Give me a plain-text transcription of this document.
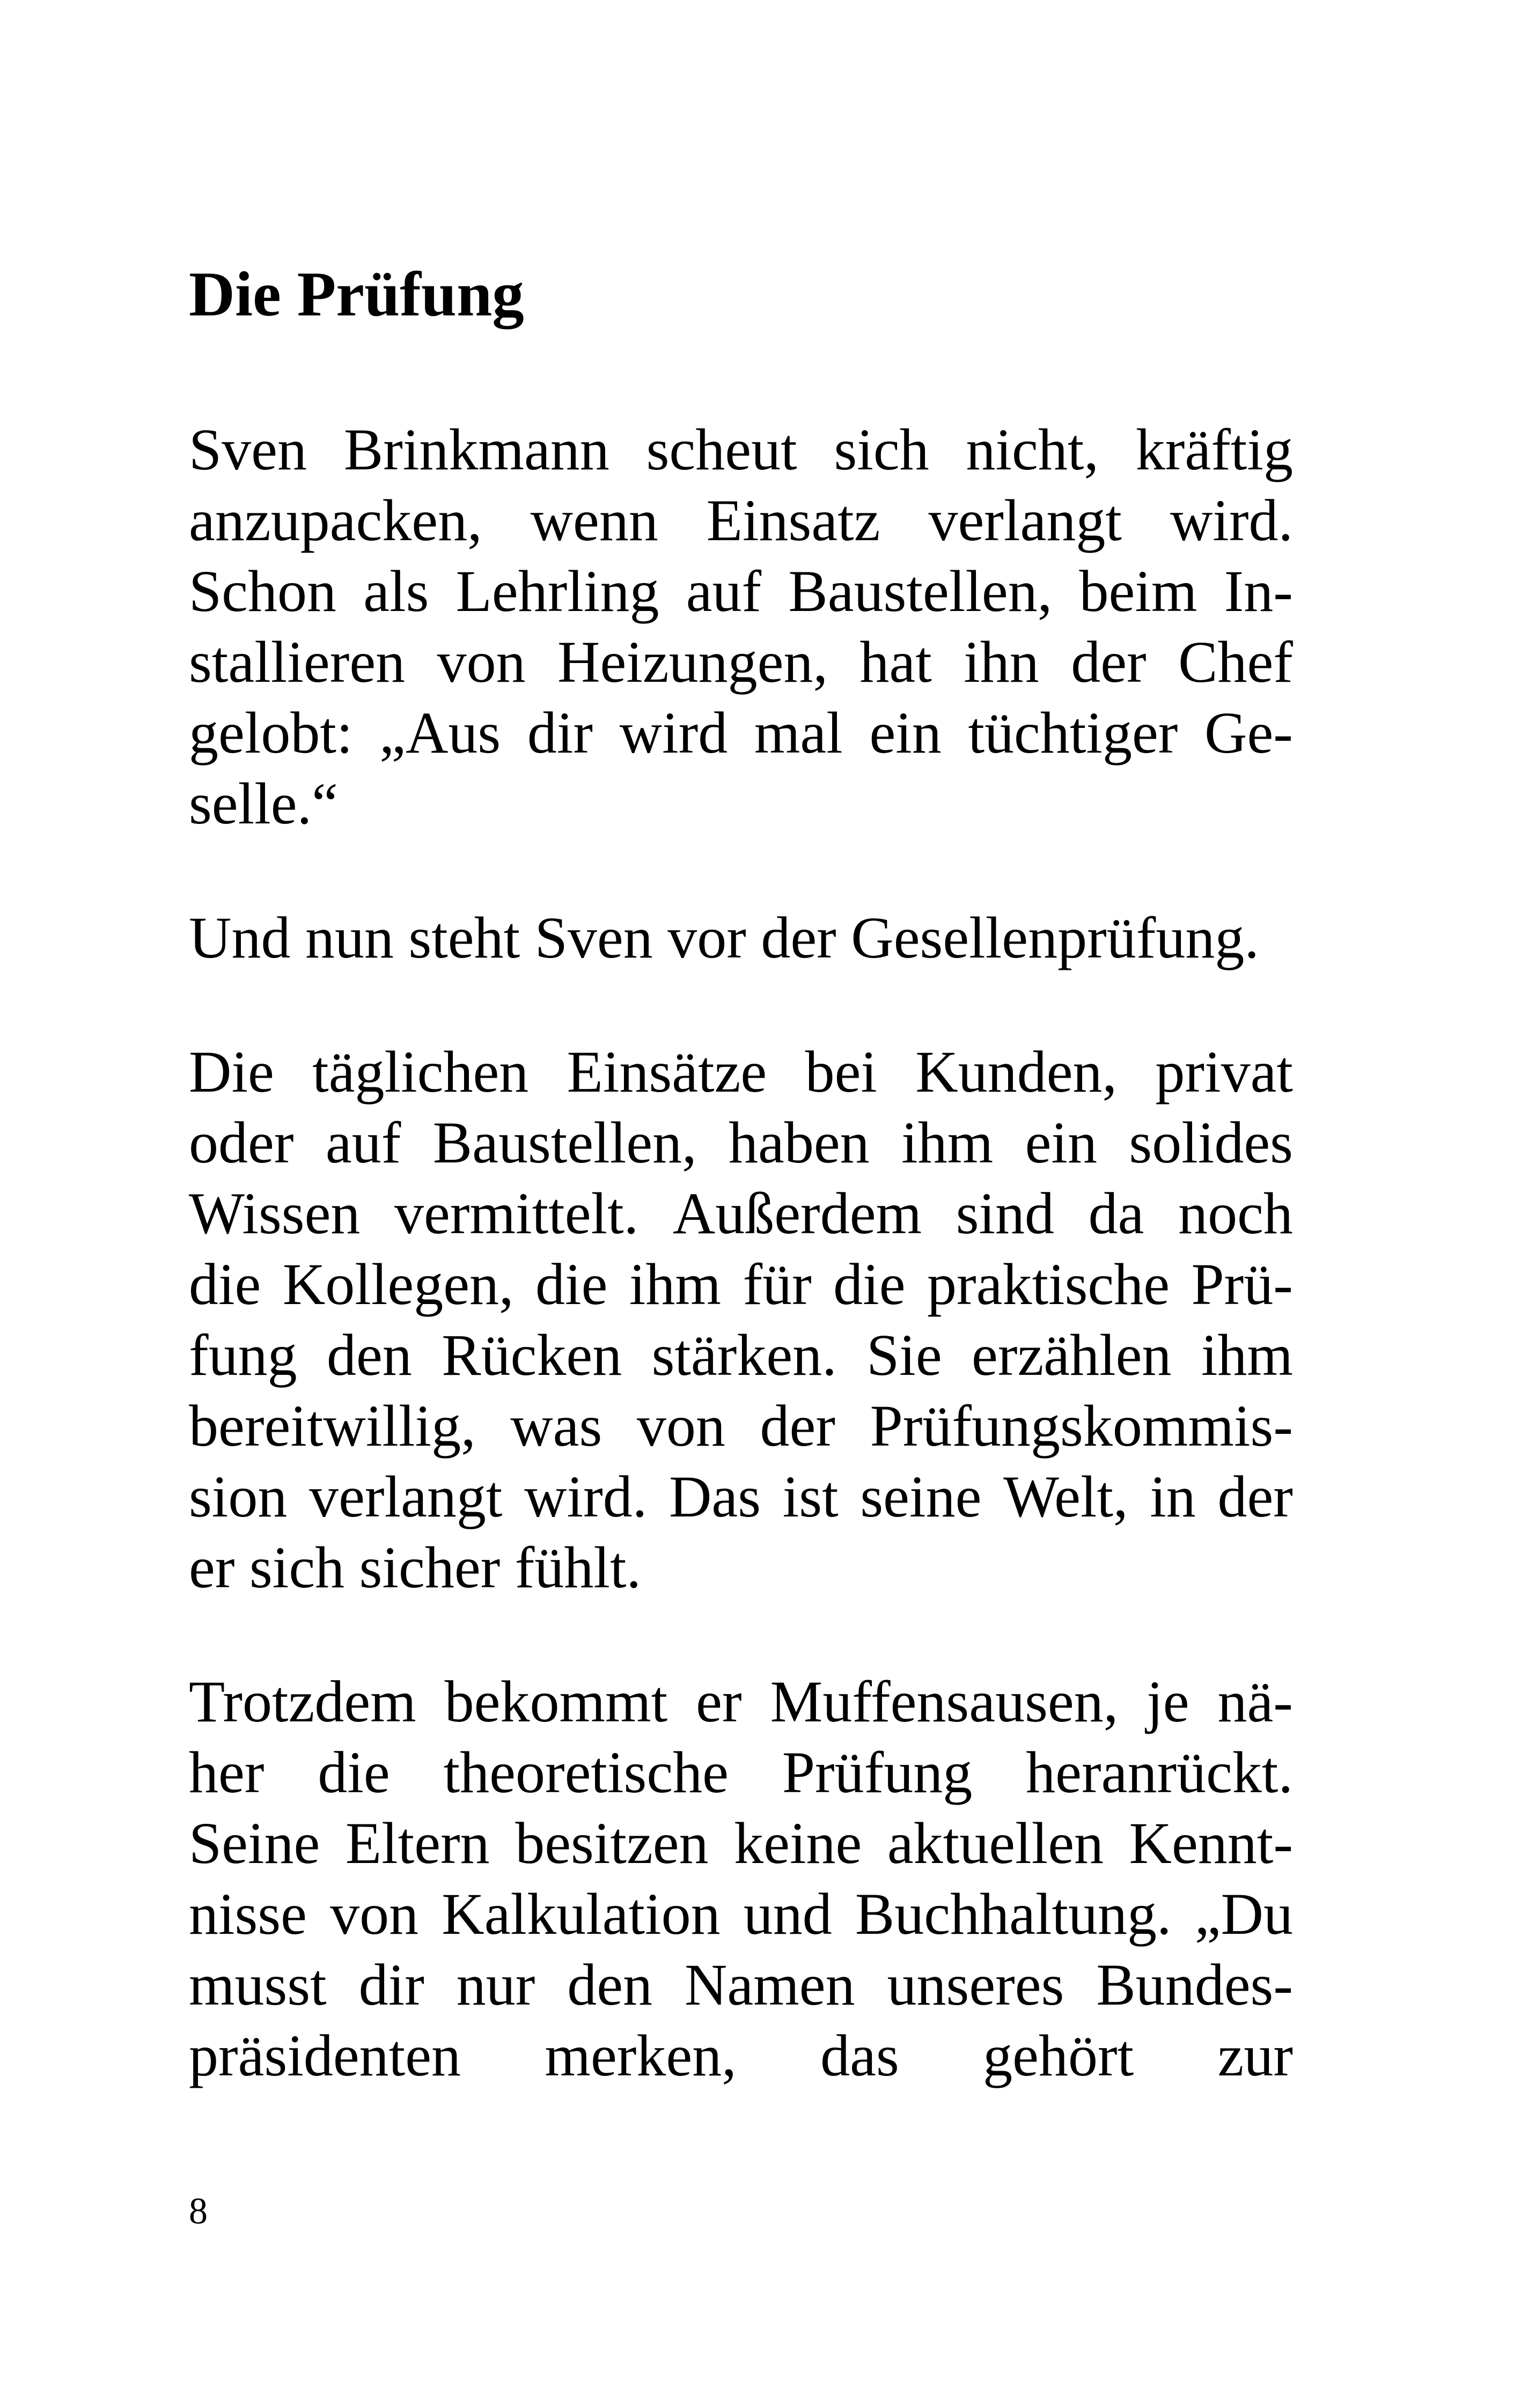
Die Prüfung
Sven Brinkmann scheut sich nicht, kräftig
anzupacken, wenn Einsatz verlangt wird.
Schon als Lehrling auf Baustellen, beim In-
stallieren von Heizungen, hat ihn der Chef
gelobt: „Aus dir wird mal ein tüchtiger Ge-
selle.“
Und nun steht Sven vor der Gesellenprüfung.
Die täglichen Einsätze bei Kunden, privat
oder auf Baustellen, haben ihm ein solides
Wissen vermittelt. Außerdem sind da noch
die Kollegen, die ihm für die praktische Prü-
fung den Rücken stärken. Sie erzählen ihm
bereitwillig, was von der Prüfungskommis-
sion verlangt wird. Das ist seine Welt, in der
er sich sicher fühlt.
Trotzdem bekommt er Muffensausen, je nä-
her die theoretische Prüfung heranrückt.
Seine Eltern besitzen keine aktuellen Kennt-
nisse von Kalkulation und Buchhaltung. „Du
musst dir nur den Namen unseres Bundes-
präsidenten merken, das gehört zur
8
